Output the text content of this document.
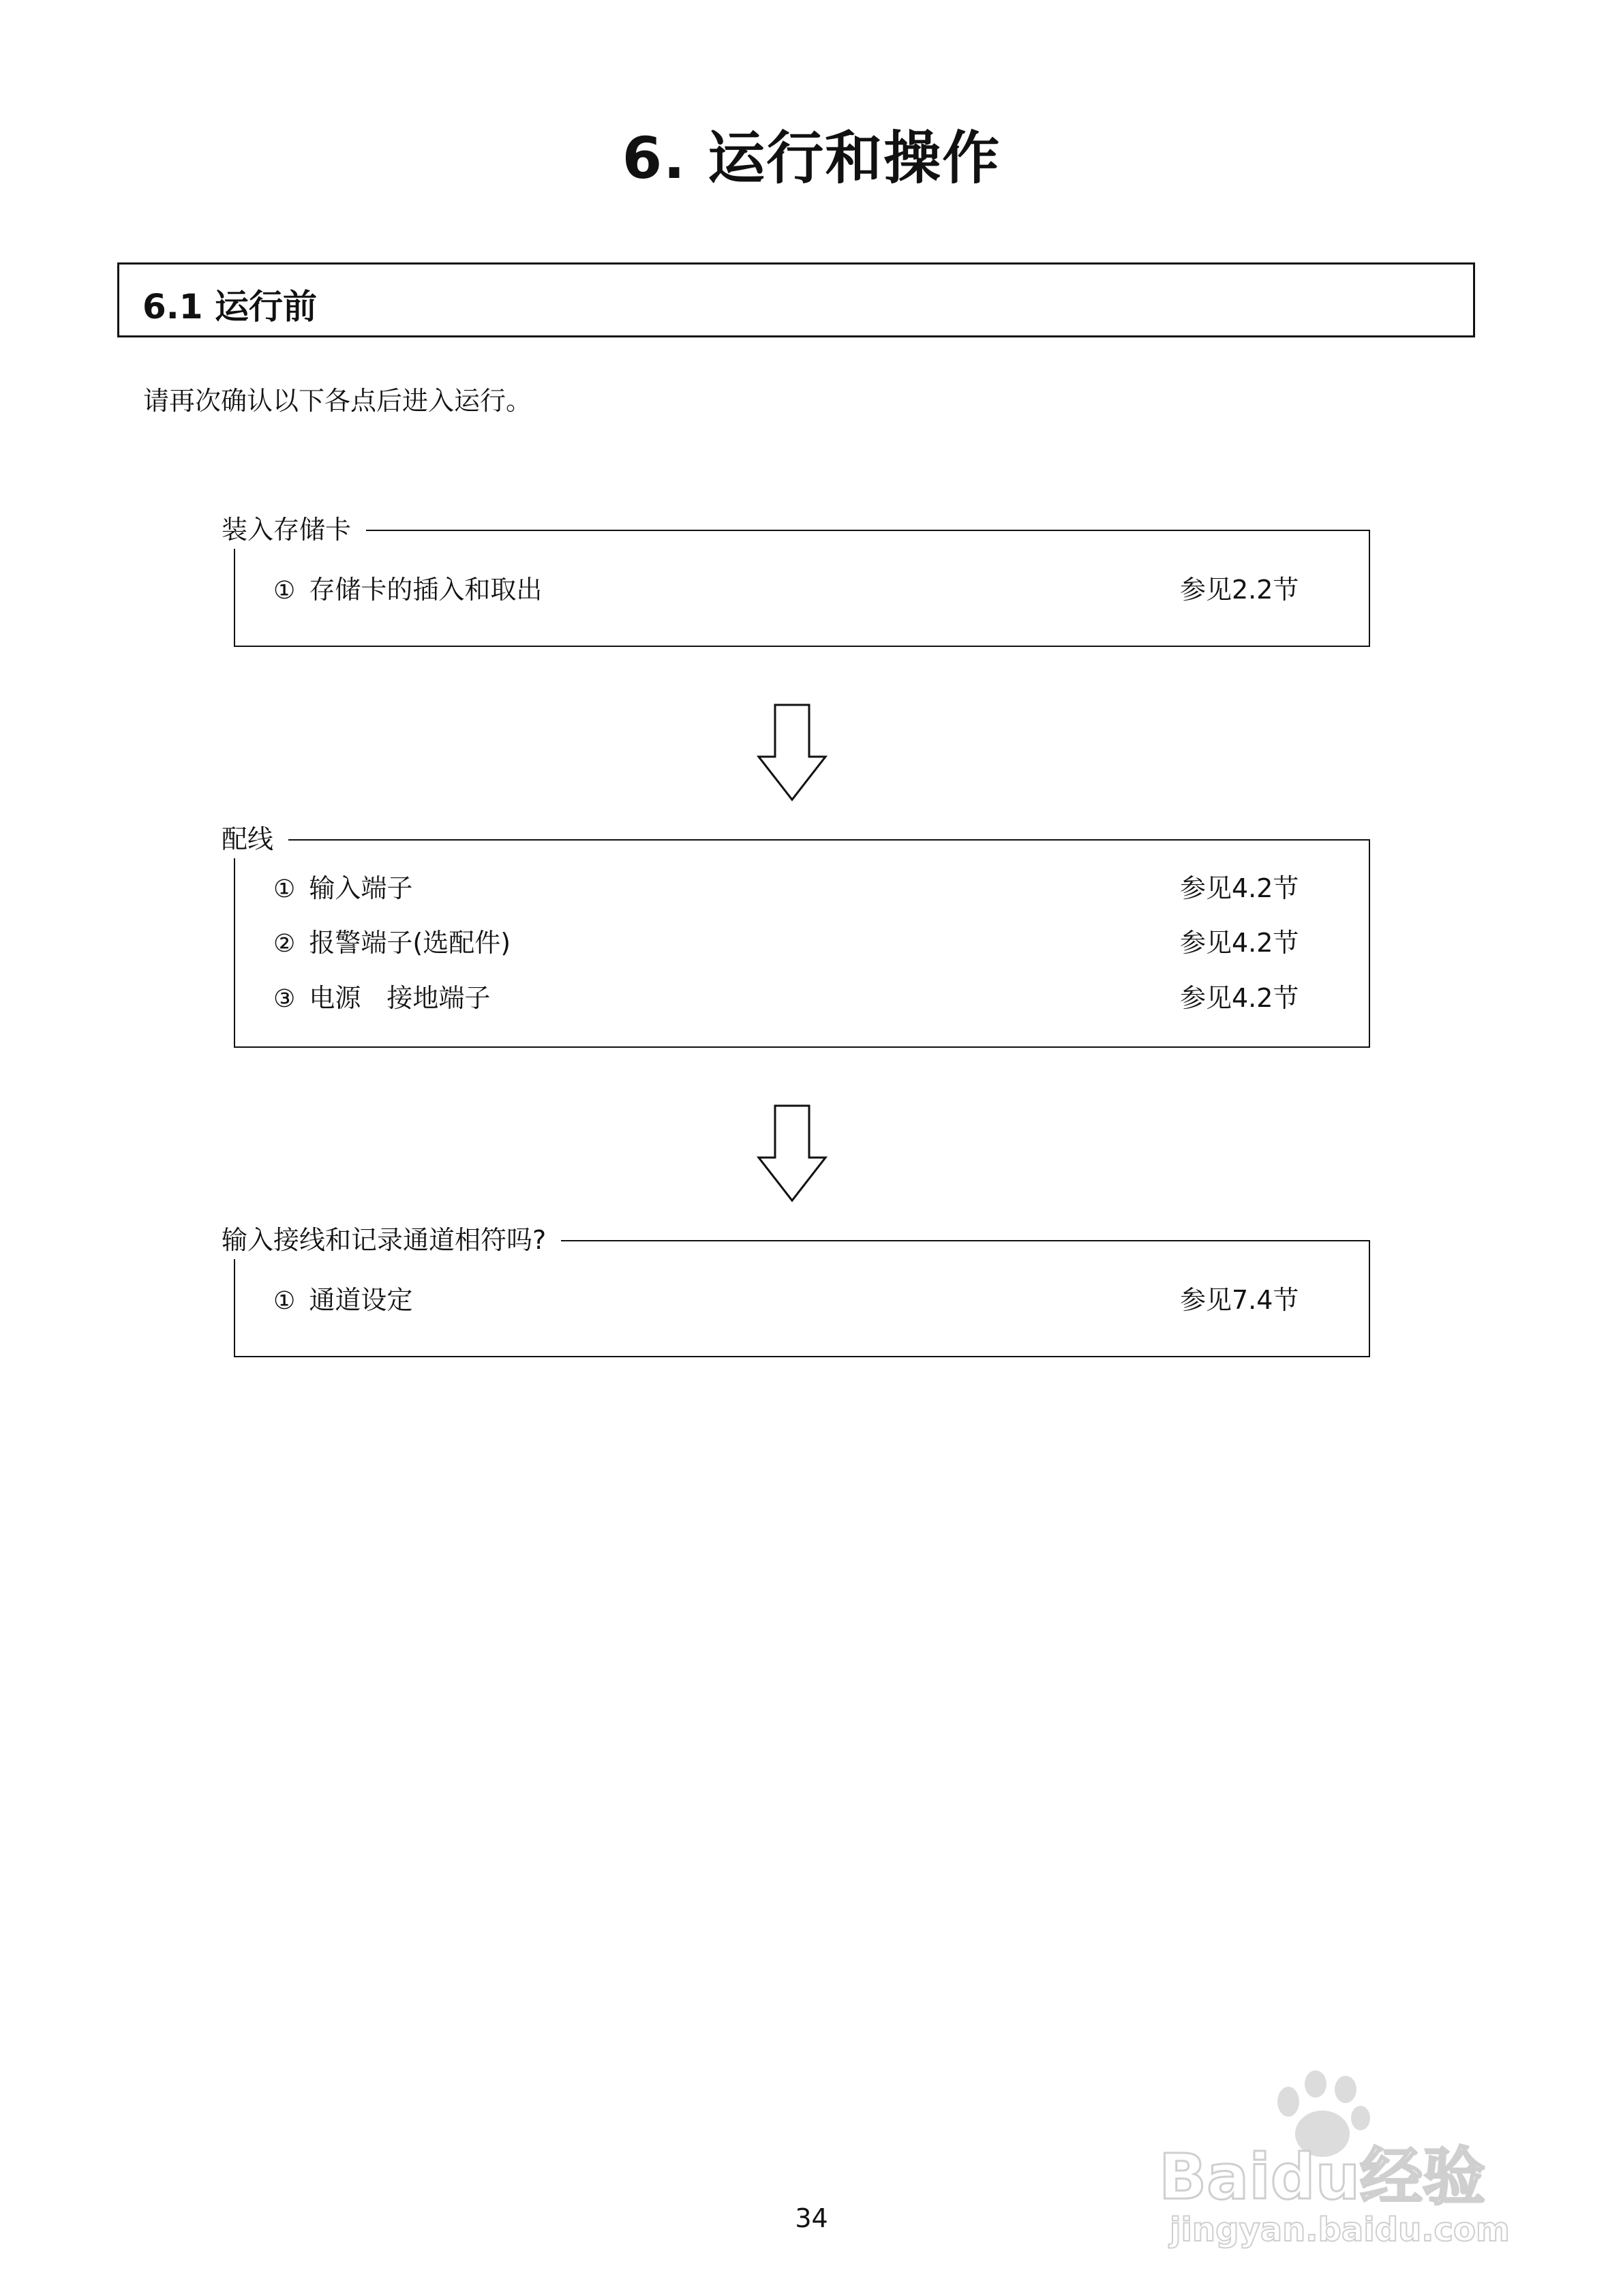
6. 运行和操作
6.1 运行前
请再次确认以下各点后进入运行。
装入存储卡
① 存储卡的插入和取出	参见2.2节
配线
① 输入端子	参见4.2节
② 报警端子(选配件)	参见4.2节
③ 电源　接地端子	参见4.2节
输入接线和记录通道相符吗?
① 通道设定	参见7.4节
34
Baidu经验
jingyan.baidu.com
